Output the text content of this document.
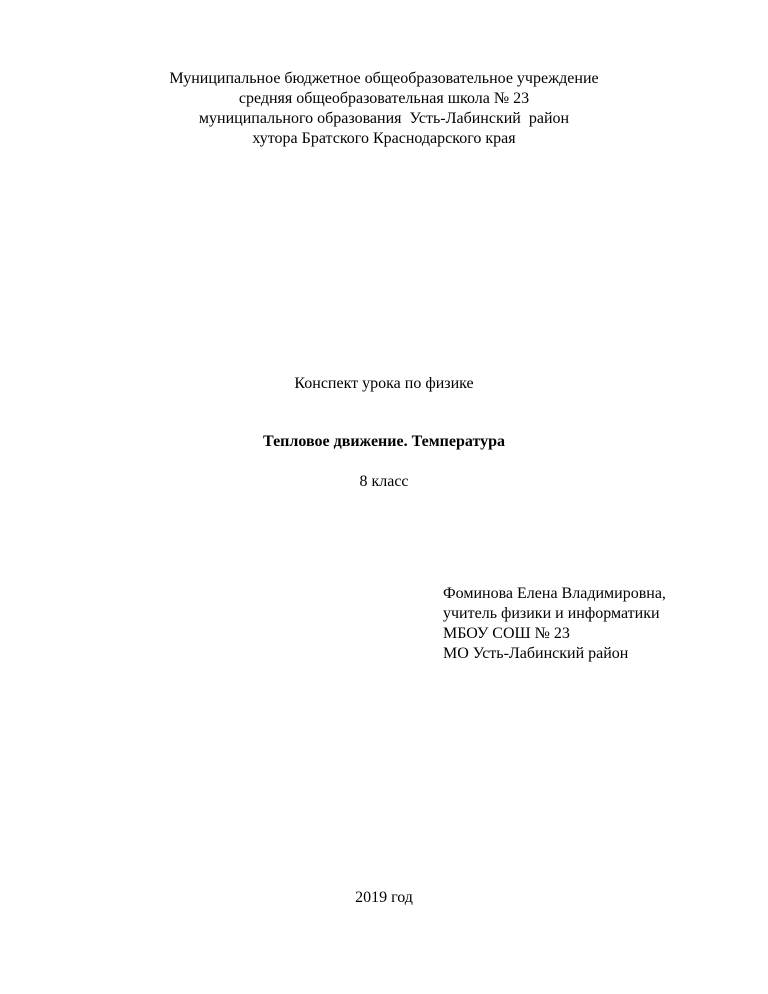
Муниципальное бюджетное общеобразовательное учреждение
средняя общеобразовательная школа № 23
муниципального образования  Усть-Лабинский  район
хутора Братского Краснодарского края
Конспект урока по физике
Тепловое движение. Температура
8 класс
Фоминова Елена Владимировна,
учитель физики и информатики
МБОУ СОШ № 23
МО Усть-Лабинский район
2019 год
